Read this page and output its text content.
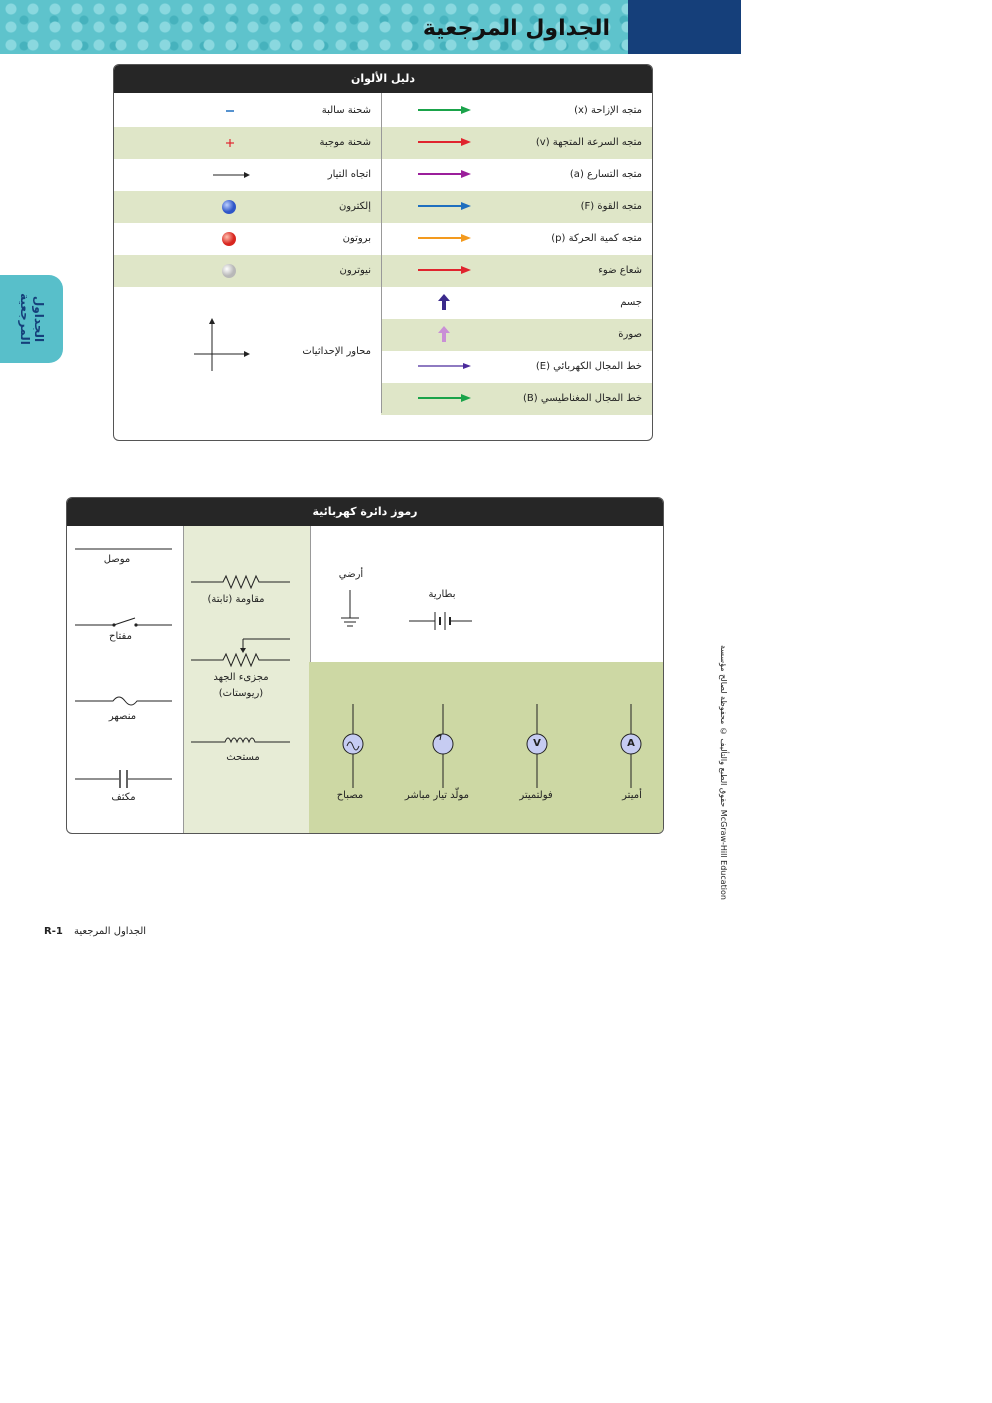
الجداول المرجعية
الجداول المرجعية
دليل الألوان
متجه الإزاحة (x)
متجه السرعة المتجهة (v)
متجه التسارع (a)
متجه القوة (F)
متجه كمية الحركة (p)
شعاع ضوء
جسم
صورة
خط المجال الكهربائي (E)
خط المجال المغناطيسي (B)
شحنة سالبة
شحنة موجبة
اتجاه التيار
إلكترون
بروتون
نيوترون
محاور الإحداثيات
رموز دائرة كهربائية
موصل
مفتاح
منصهر
مكثف
مقاومة (ثابتة)
مجزىء الجهد
(ريوستات)
مستحث
أرضي
بطارية
مصباح	مولّد تيار مباشر
V
فولتميتر
A
أميتر	حقوق الطبع والتأليف © محفوظة لصالح مؤسسة McGraw-Hill Education
R-1 الجداول المرجعية
